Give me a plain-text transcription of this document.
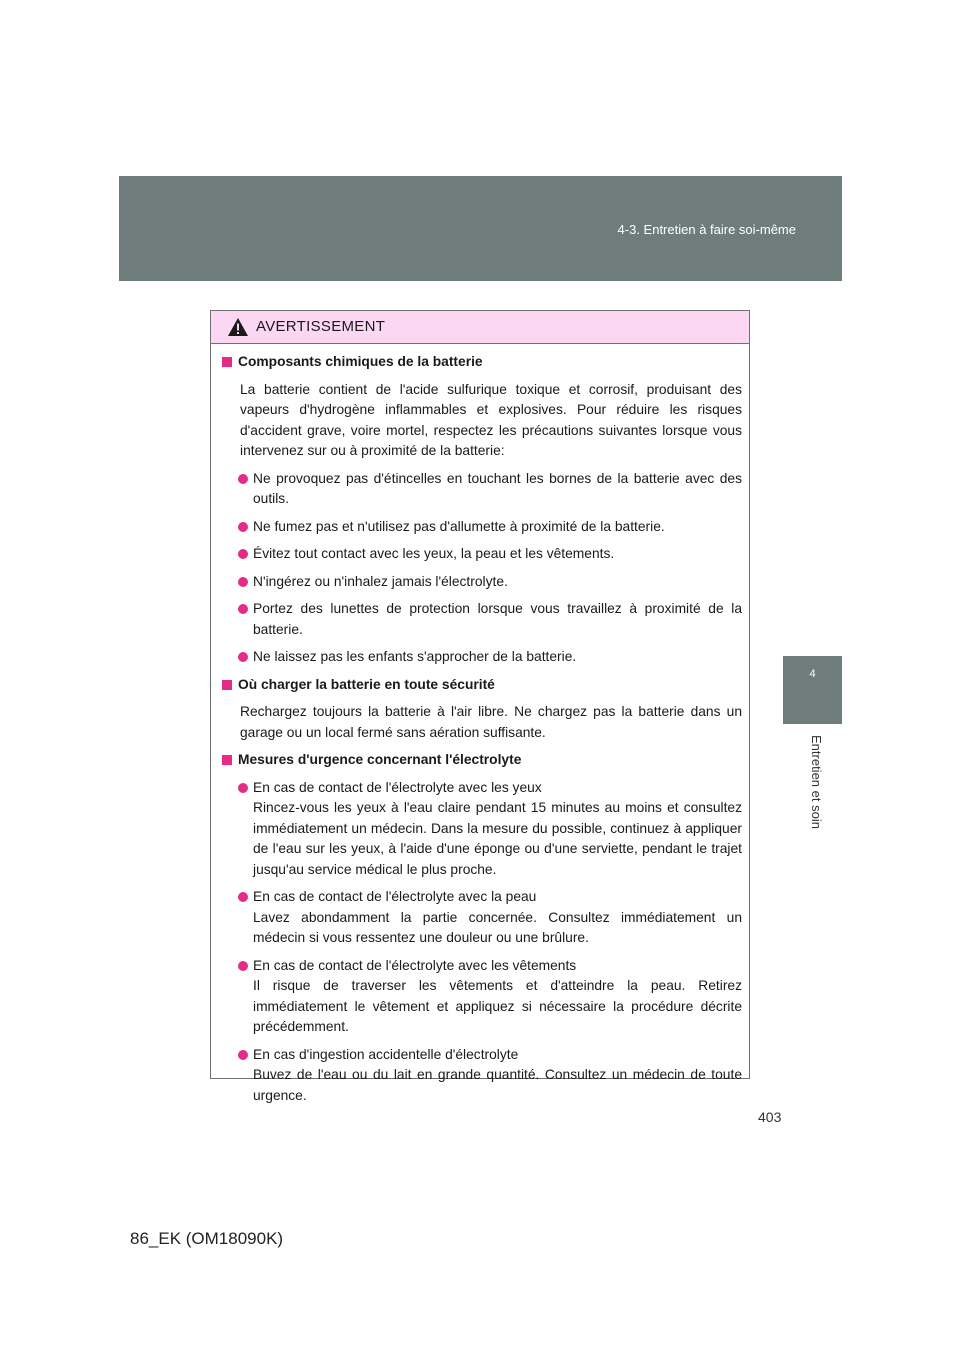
4-3. Entretien à faire soi-même
4
Entretien et soin
AVERTISSEMENT
Composants chimiques de la batterie
La batterie contient de l'acide sulfurique toxique et corrosif, produisant des vapeurs d'hydrogène inflammables et explosives. Pour réduire les risques d'accident grave, voire mortel, respectez les précautions suivantes lorsque vous intervenez sur ou à proximité de la batterie:
Ne provoquez pas d'étincelles en touchant les bornes de la batterie avec des outils.
Ne fumez pas et n'utilisez pas d'allumette à proximité de la batterie.
Évitez tout contact avec les yeux, la peau et les vêtements.
N'ingérez ou n'inhalez jamais l'électrolyte.
Portez des lunettes de protection lorsque vous travaillez à proximité de la batterie.
Ne laissez pas les enfants s'approcher de la batterie.
Où charger la batterie en toute sécurité
Rechargez toujours la batterie à l'air libre. Ne chargez pas la batterie dans un garage ou un local fermé sans aération suffisante.
Mesures d'urgence concernant l'électrolyte
En cas de contact de l'électrolyte avec les yeux
Rincez-vous les yeux à l'eau claire pendant 15 minutes au moins et consultez immédiatement un médecin. Dans la mesure du possible, continuez à appliquer de l'eau sur les yeux, à l'aide d'une éponge ou d'une serviette, pendant le trajet jusqu'au service médical le plus proche.
En cas de contact de l'électrolyte avec la peau
Lavez abondamment la partie concernée. Consultez immédiatement un médecin si vous ressentez une douleur ou une brûlure.
En cas de contact de l'électrolyte avec les vêtements
Il risque de traverser les vêtements et d'atteindre la peau. Retirez immédiatement le vêtement et appliquez si nécessaire la procédure décrite précédemment.
En cas d'ingestion accidentelle d'électrolyte
Buvez de l'eau ou du lait en grande quantité. Consultez un médecin de toute urgence.
403
86_EK (OM18090K)
